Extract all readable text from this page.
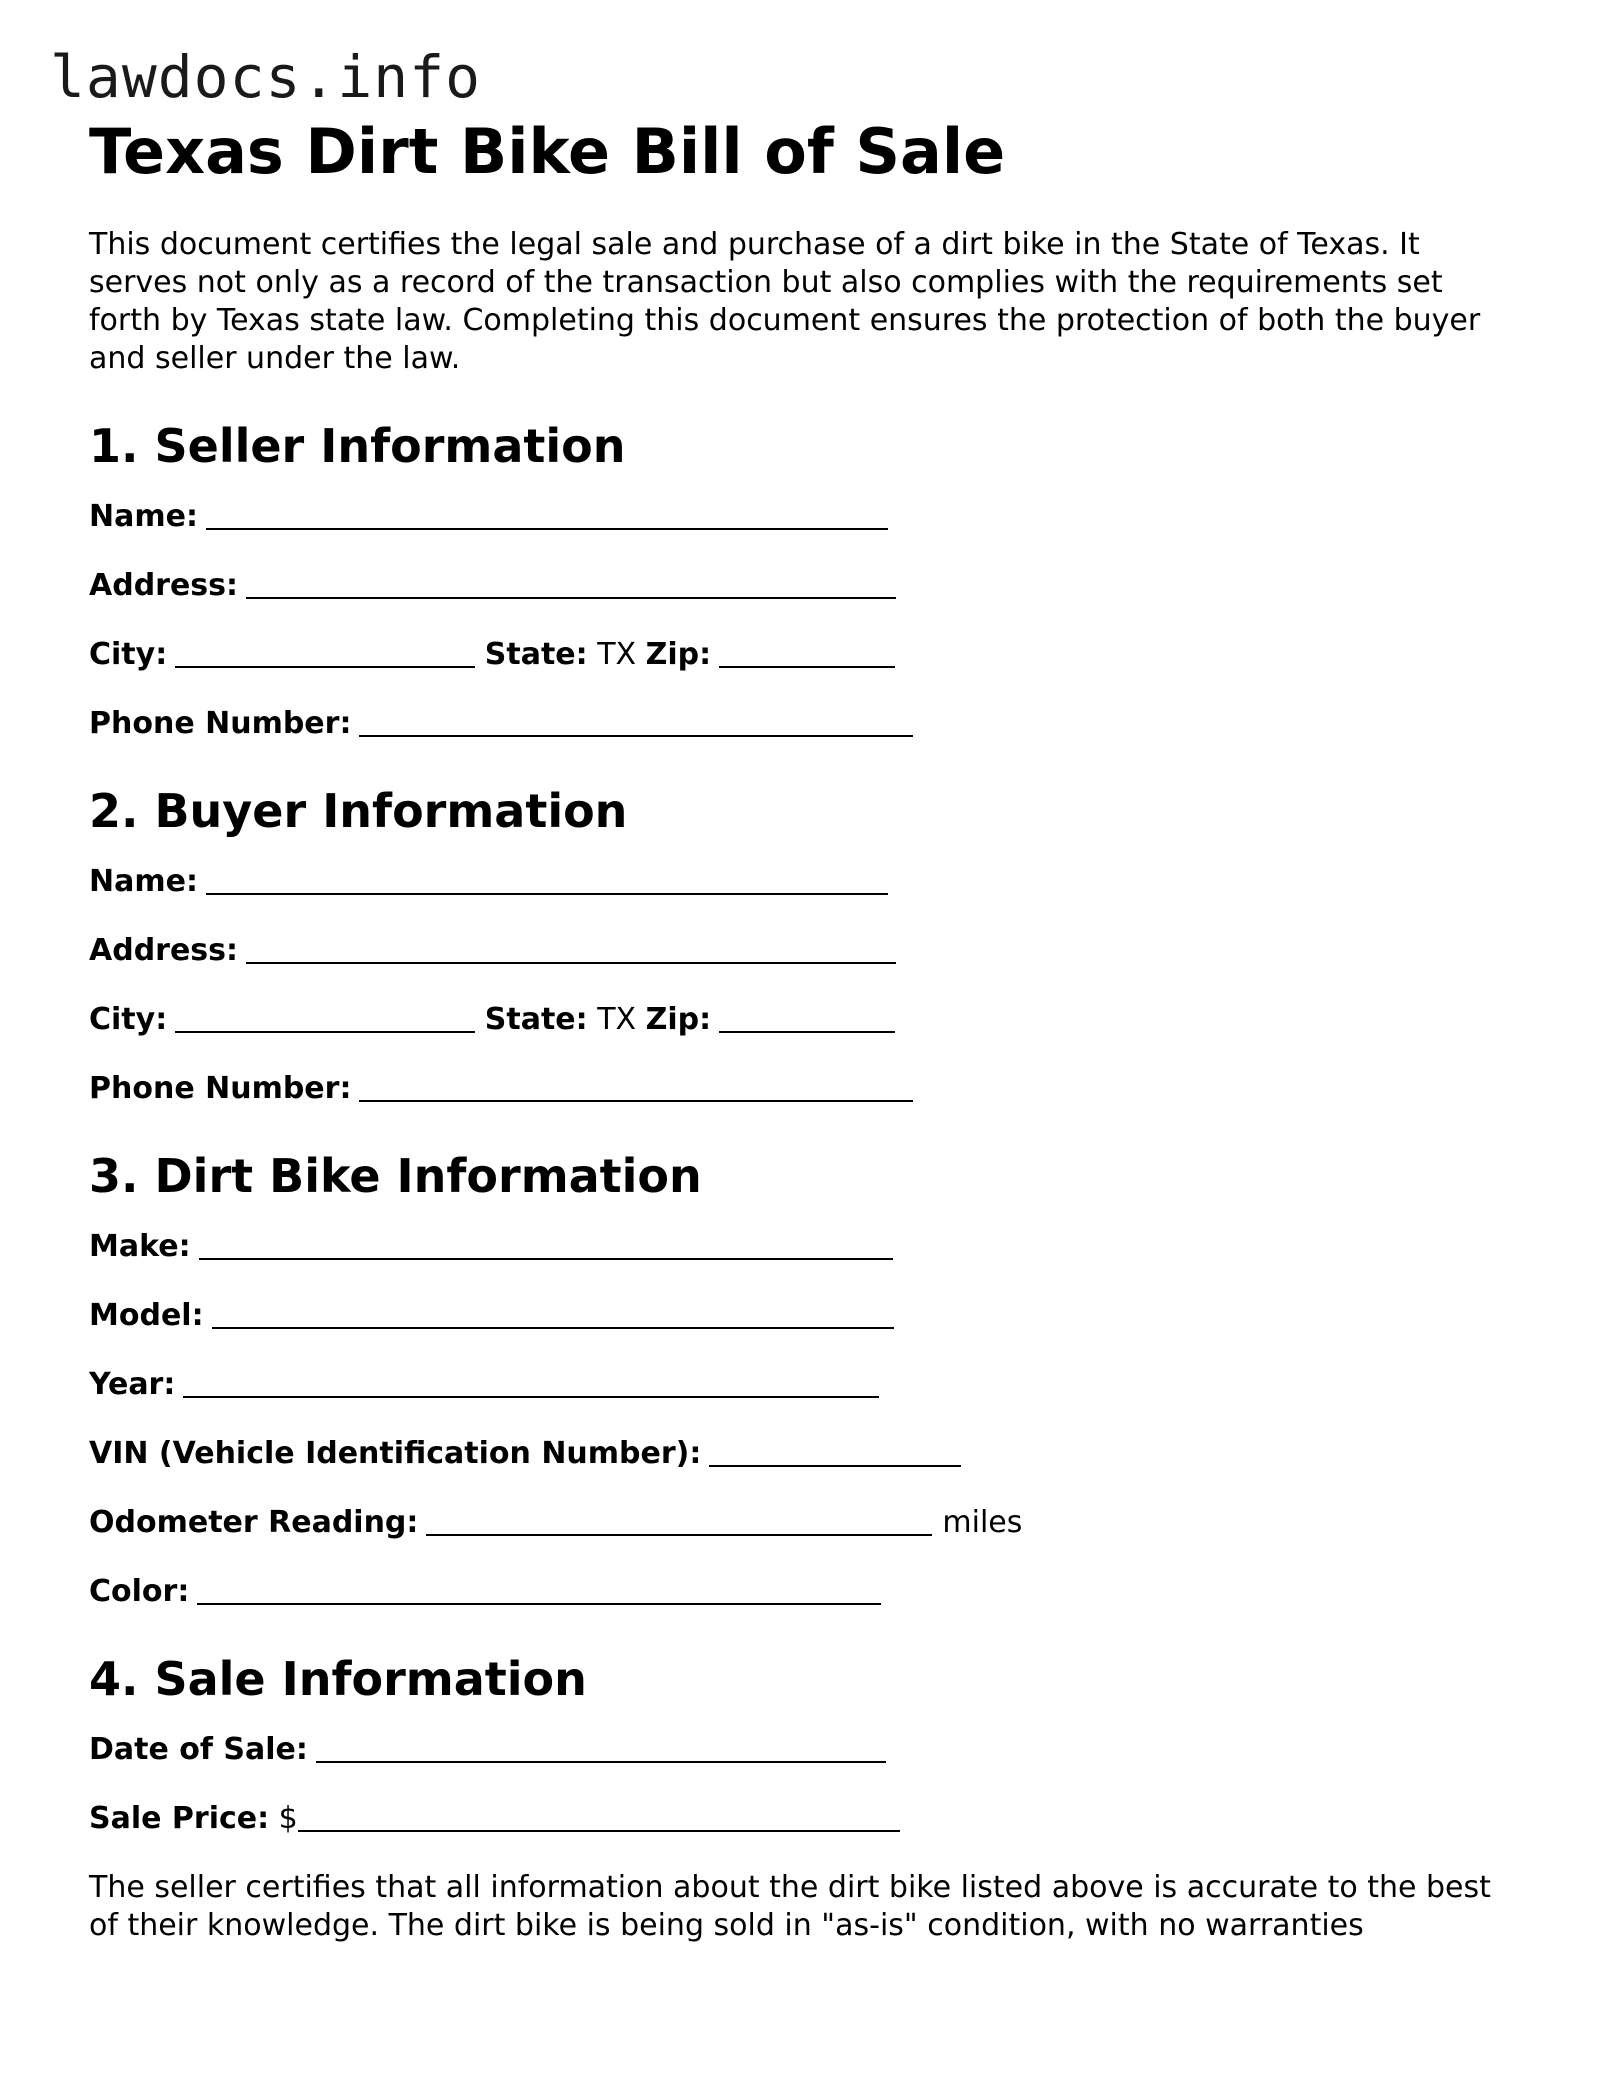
lawdocs.info
Texas Dirt Bike Bill of Sale

This document certifies the legal sale and purchase of a dirt bike in the State of Texas. It serves not only as a record of the transaction but also complies with the requirements set forth by Texas state law. Completing this document ensures the protection of both the buyer and seller under the law.

1. Seller Information
Name:
Address:
City:	State: TX Zip:
Phone Number:
2. Buyer Information
Name:
Address:
City:	State: TX Zip:
Phone Number:
3. Dirt Bike Information
Make:
Model:
Year:
VIN (Vehicle Identification Number):
Odometer Reading:	miles
Color:
4. Sale Information
Date of Sale:
Sale Price: $

The seller certifies that all information about the dirt bike listed above is accurate to the best of their knowledge. The dirt bike is being sold in "as-is" condition, with no warranties
